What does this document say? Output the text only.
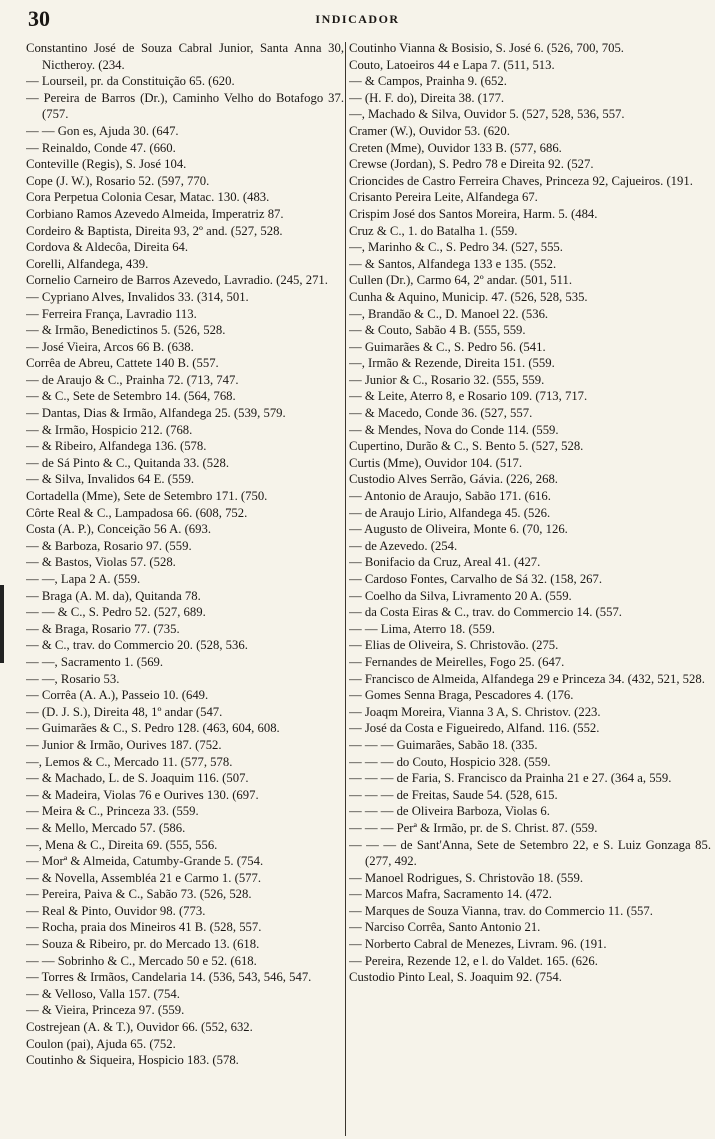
30	INDICADOR
Constantino José de Souza Cabral Junior, Santa Anna 30, Nictheroy. (234.
— Lourseil, pr. da Constituição 65. (620.
— Pereira de Barros (Dr.), Caminho Velho do Botafogo 37. (757.
— — Gon es, Ajuda 30. (647.
— Reinaldo, Conde 47. (660.
Conteville (Regis), S. José 104.
Cope (J. W.), Rosario 52. (597, 770.
Cora Perpetua Colonia Cesar, Matac. 130. (483.
Corbiano Ramos Azevedo Almeida, Imperatriz 87.
Cordeiro & Baptista, Direita 93, 2º and. (527, 528.
Cordova & Aldecôa, Direita 64.
Corelli, Alfandega, 439.
Cornelio Carneiro de Barros Azevedo, Lavradio. (245, 271.
— Cypriano Alves, Invalidos 33. (314, 501.
— Ferreira França, Lavradio 113.
— & Irmão, Benedictinos 5. (526, 528.
— José Vieira, Arcos 66 B. (638.
Corrêa de Abreu, Cattete 140 B. (557.
— de Araujo & C., Prainha 72. (713, 747.
— & C., Sete de Setembro 14. (564, 768.
— Dantas, Dias & Irmão, Alfandega 25. (539, 579.
— & Irmão, Hospicio 212. (768.
— & Ribeiro, Alfandega 136. (578.
— de Sá Pinto & C., Quitanda 33. (528.
— & Silva, Invalidos 64 E. (559.
Cortadella (Mme), Sete de Setembro 171. (750.
Côrte Real & C., Lampadosa 66. (608, 752.
Costa (A. P.), Conceição 56 A. (693.
— & Barboza, Rosario 97. (559.
— & Bastos, Violas 57. (528.
— —, Lapa 2 A. (559.
— Braga (A. M. da), Quitanda 78.
— — & C., S. Pedro 52. (527, 689.
— & Braga, Rosario 77. (735.
— & C., trav. do Commercio 20. (528, 536.
— —, Sacramento 1. (569.
— —, Rosario 53.
— Corrêa (A. A.), Passeio 10. (649.
— (D. J. S.), Direita 48, 1º andar (547.
— Guimarães & C., S. Pedro 128. (463, 604, 608.
— Junior & Irmão, Ourives 187. (752.
—, Lemos & C., Mercado 11. (577, 578.
— & Machado, L. de S. Joaquim 116. (507.
— & Madeira, Violas 76 e Ourives 130. (697.
— Meira & C., Princeza 33. (559.
— & Mello, Mercado 57. (586.
—, Mena & C., Direita 69. (555, 556.
— Morª & Almeida, Catumby-Grande 5. (754.
— & Novella, Assembléa 21 e Carmo 1. (577.
— Pereira, Paiva & C., Sabão 73. (526, 528.
— Real & Pinto, Ouvidor 98. (773.
— Rocha, praia dos Mineiros 41 B. (528, 557.
— Souza & Ribeiro, pr. do Mercado 13. (618.
— — Sobrinho & C., Mercado 50 e 52. (618.
— Torres & Irmãos, Candelaria 14. (536, 543, 546, 547.
— & Velloso, Valla 157. (754.
— & Vieira, Princeza 97. (559.
Costrejean (A. & T.), Ouvidor 66. (552, 632.
Coulon (pai), Ajuda 65. (752.
Coutinho & Siqueira, Hospicio 183. (578.
Coutinho Vianna & Bosisio, S. José 6. (526, 700, 705.
Couto, Latoeiros 44 e Lapa 7. (511, 513.
— & Campos, Prainha 9. (652.
— (H. F. do), Direita 38. (177.
—, Machado & Silva, Ouvidor 5. (527, 528, 536, 557.
Cramer (W.), Ouvidor 53. (620.
Creten (Mme), Ouvidor 133 B. (577, 686.
Crewse (Jordan), S. Pedro 78 e Direita 92. (527.
Crioncides de Castro Ferreira Chaves, Princeza 92, Cajueiros. (191.
Crisanto Pereira Leite, Alfandega 67.
Crispim José dos Santos Moreira, Harm. 5. (484.
Cruz & C., 1. do Batalha 1. (559.
—, Marinho & C., S. Pedro 34. (527, 555.
— & Santos, Alfandega 133 e 135. (552.
Cullen (Dr.), Carmo 64, 2º andar. (501, 511.
Cunha & Aquino, Municip. 47. (526, 528, 535.
—, Brandão & C., D. Manoel 22. (536.
— & Couto, Sabão 4 B. (555, 559.
— Guimarães & C., S. Pedro 56. (541.
—, Irmão & Rezende, Direita 151. (559.
— Junior & C., Rosario 32. (555, 559.
— & Leite, Aterro 8, e Rosario 109. (713, 717.
— & Macedo, Conde 36. (527, 557.
— & Mendes, Nova do Conde 114. (559.
Cupertino, Durão & C., S. Bento 5. (527, 528.
Curtis (Mme), Ouvidor 104. (517.
Custodio Alves Serrão, Gávia. (226, 268.
— Antonio de Araujo, Sabão 171. (616.
— de Araujo Lirio, Alfandega 45. (526.
— Augusto de Oliveira, Monte 6. (70, 126.
— de Azevedo. (254.
— Bonifacio da Cruz, Areal 41. (427.
— Cardoso Fontes, Carvalho de Sá 32. (158, 267.
— Coelho da Silva, Livramento 20 A. (559.
— da Costa Eiras & C., trav. do Commercio 14. (557.
— — Lima, Aterro 18. (559.
— Elias de Oliveira, S. Christovão. (275.
— Fernandes de Meirelles, Fogo 25. (647.
— Francisco de Almeida, Alfandega 29 e Princeza 34. (432, 521, 528.
— Gomes Senna Braga, Pescadores 4. (176.
— Joaqm Moreira, Vianna 3 A, S. Christov. (223.
— José da Costa e Figueiredo, Alfand. 116. (552.
— — — Guimarães, Sabão 18. (335.
— — — do Couto, Hospicio 328. (559.
— — — de Faria, S. Francisco da Prainha 21 e 27. (364 a, 559.
— — — de Freitas, Saude 54. (528, 615.
— — — de Oliveira Barboza, Violas 6.
— — — Perª & Irmão, pr. de S. Christ. 87. (559.
— — — de Sant'Anna, Sete de Setembro 22, e S. Luiz Gonzaga 85. (277, 492.
— Manoel Rodrigues, S. Christovão 18. (559.
— Marcos Mafra, Sacramento 14. (472.
— Marques de Souza Vianna, trav. do Commercio 11. (557.
— Narciso Corrêa, Santo Antonio 21.
— Norberto Cabral de Menezes, Livram. 96. (191.
— Pereira, Rezende 12, e l. do Valdet. 165. (626.
Custodio Pinto Leal, S. Joaquim 92. (754.
